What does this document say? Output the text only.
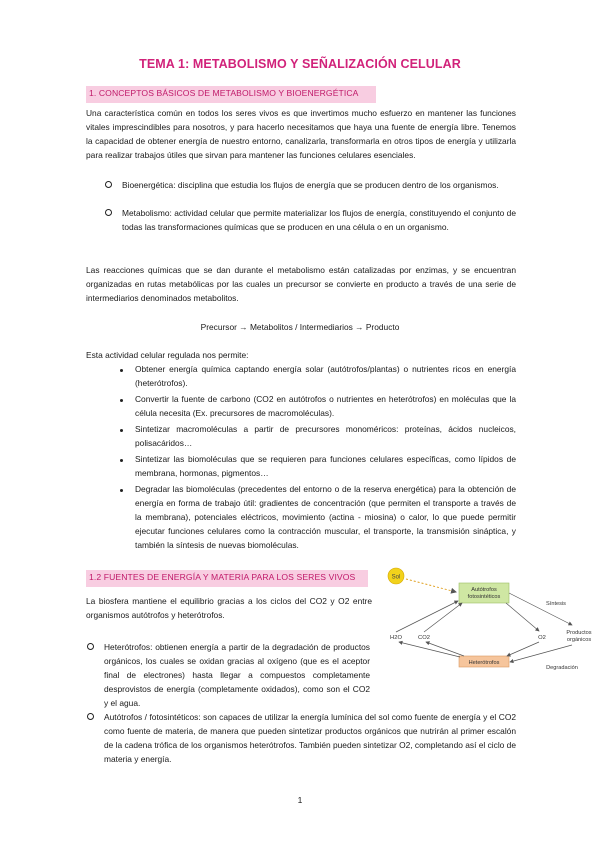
TEMA 1: METABOLISMO Y SEÑALIZACIÓN CELULAR
1. CONCEPTOS BÁSICOS DE METABOLISMO Y BIOENERGÉTICA
Una característica común en todos los seres vivos es que invertimos mucho esfuerzo en mantener las funciones vitales imprescindibles para nosotros, y para hacerlo necesitamos que haya una fuente de energía libre. Tenemos la capacidad de obtener energía de nuestro entorno, canalizarla, transformarla en otros tipos de energía y utilizarla para realizar trabajos útiles que sirvan para mantener las funciones celulares esenciales.
Bioenergética: disciplina que estudia los flujos de energía que se producen dentro de los organismos.
Metabolismo: actividad celular que permite materializar los flujos de energía, constituyendo el conjunto de todas las transformaciones químicas que se producen en una célula o en un organismo.
Las reacciones químicas que se dan durante el metabolismo están catalizadas por enzimas, y se encuentran organizadas en rutas metabólicas por las cuales un precursor se convierte en producto a través de una serie de intermediarios denominados metabolitos.
Precursor → Metabolitos / Intermediarios → Producto
Esta actividad celular regulada nos permite:
Obtener energía química captando energía solar (autótrofos/plantas) o nutrientes ricos en energía (heterótrofos).
Convertir la fuente de carbono (CO2 en autótrofos o nutrientes en heterótrofos) en moléculas que la célula necesita (Ex. precursores de macromoléculas).
Sintetizar macromoléculas a partir de precursores monoméricos: proteínas, ácidos nucleicos, polisacáridos…
Sintetizar las biomoléculas que se requieren para funciones celulares específicas, como lípidos de membrana, hormonas, pigmentos…
Degradar las biomoléculas (precedentes del entorno o de la reserva energética) para la obtención de energía en forma de trabajo útil: gradientes de concentración (que permiten el transporte a través de la membrana), potenciales eléctricos, movimiento (actina - miosina) o calor, lo que puede permitir ejecutar funciones celulares como la contracción muscular, el transporte, la transmisión sináptica, y también la síntesis de nuevas biomoléculas.
1.2 FUENTES DE ENERGÍA Y MATERIA PARA LOS SERES VIVOS
La biosfera mantiene el equilibrio gracias a los ciclos del CO2 y O2 entre organismos autótrofos y heterótrofos.
Heterótrofos: obtienen energía a partir de la degradación de productos orgánicos, los cuales se oxidan gracias al oxígeno (que es el aceptor final de electrones) hasta llegar a compuestos completamente desprovistos de energía (completamente oxidados), como son el CO2 y el agua.
Autótrofos / fotosintéticos: son capaces de utilizar la energía lumínica del sol como fuente de energía y el CO2 como fuente de materia, de manera que pueden sintetizar productos orgánicos que nutrirán al primer escalón de la cadena trófica de los organismos heterótrofos. También pueden sintetizar O2, completando así el ciclo de materia y energía.
Sol
Autótrofos
fotosintéticos
Heterótrofos
H2O	CO2	O2
Productos
orgánicos
Síntesis
Degradación
1
